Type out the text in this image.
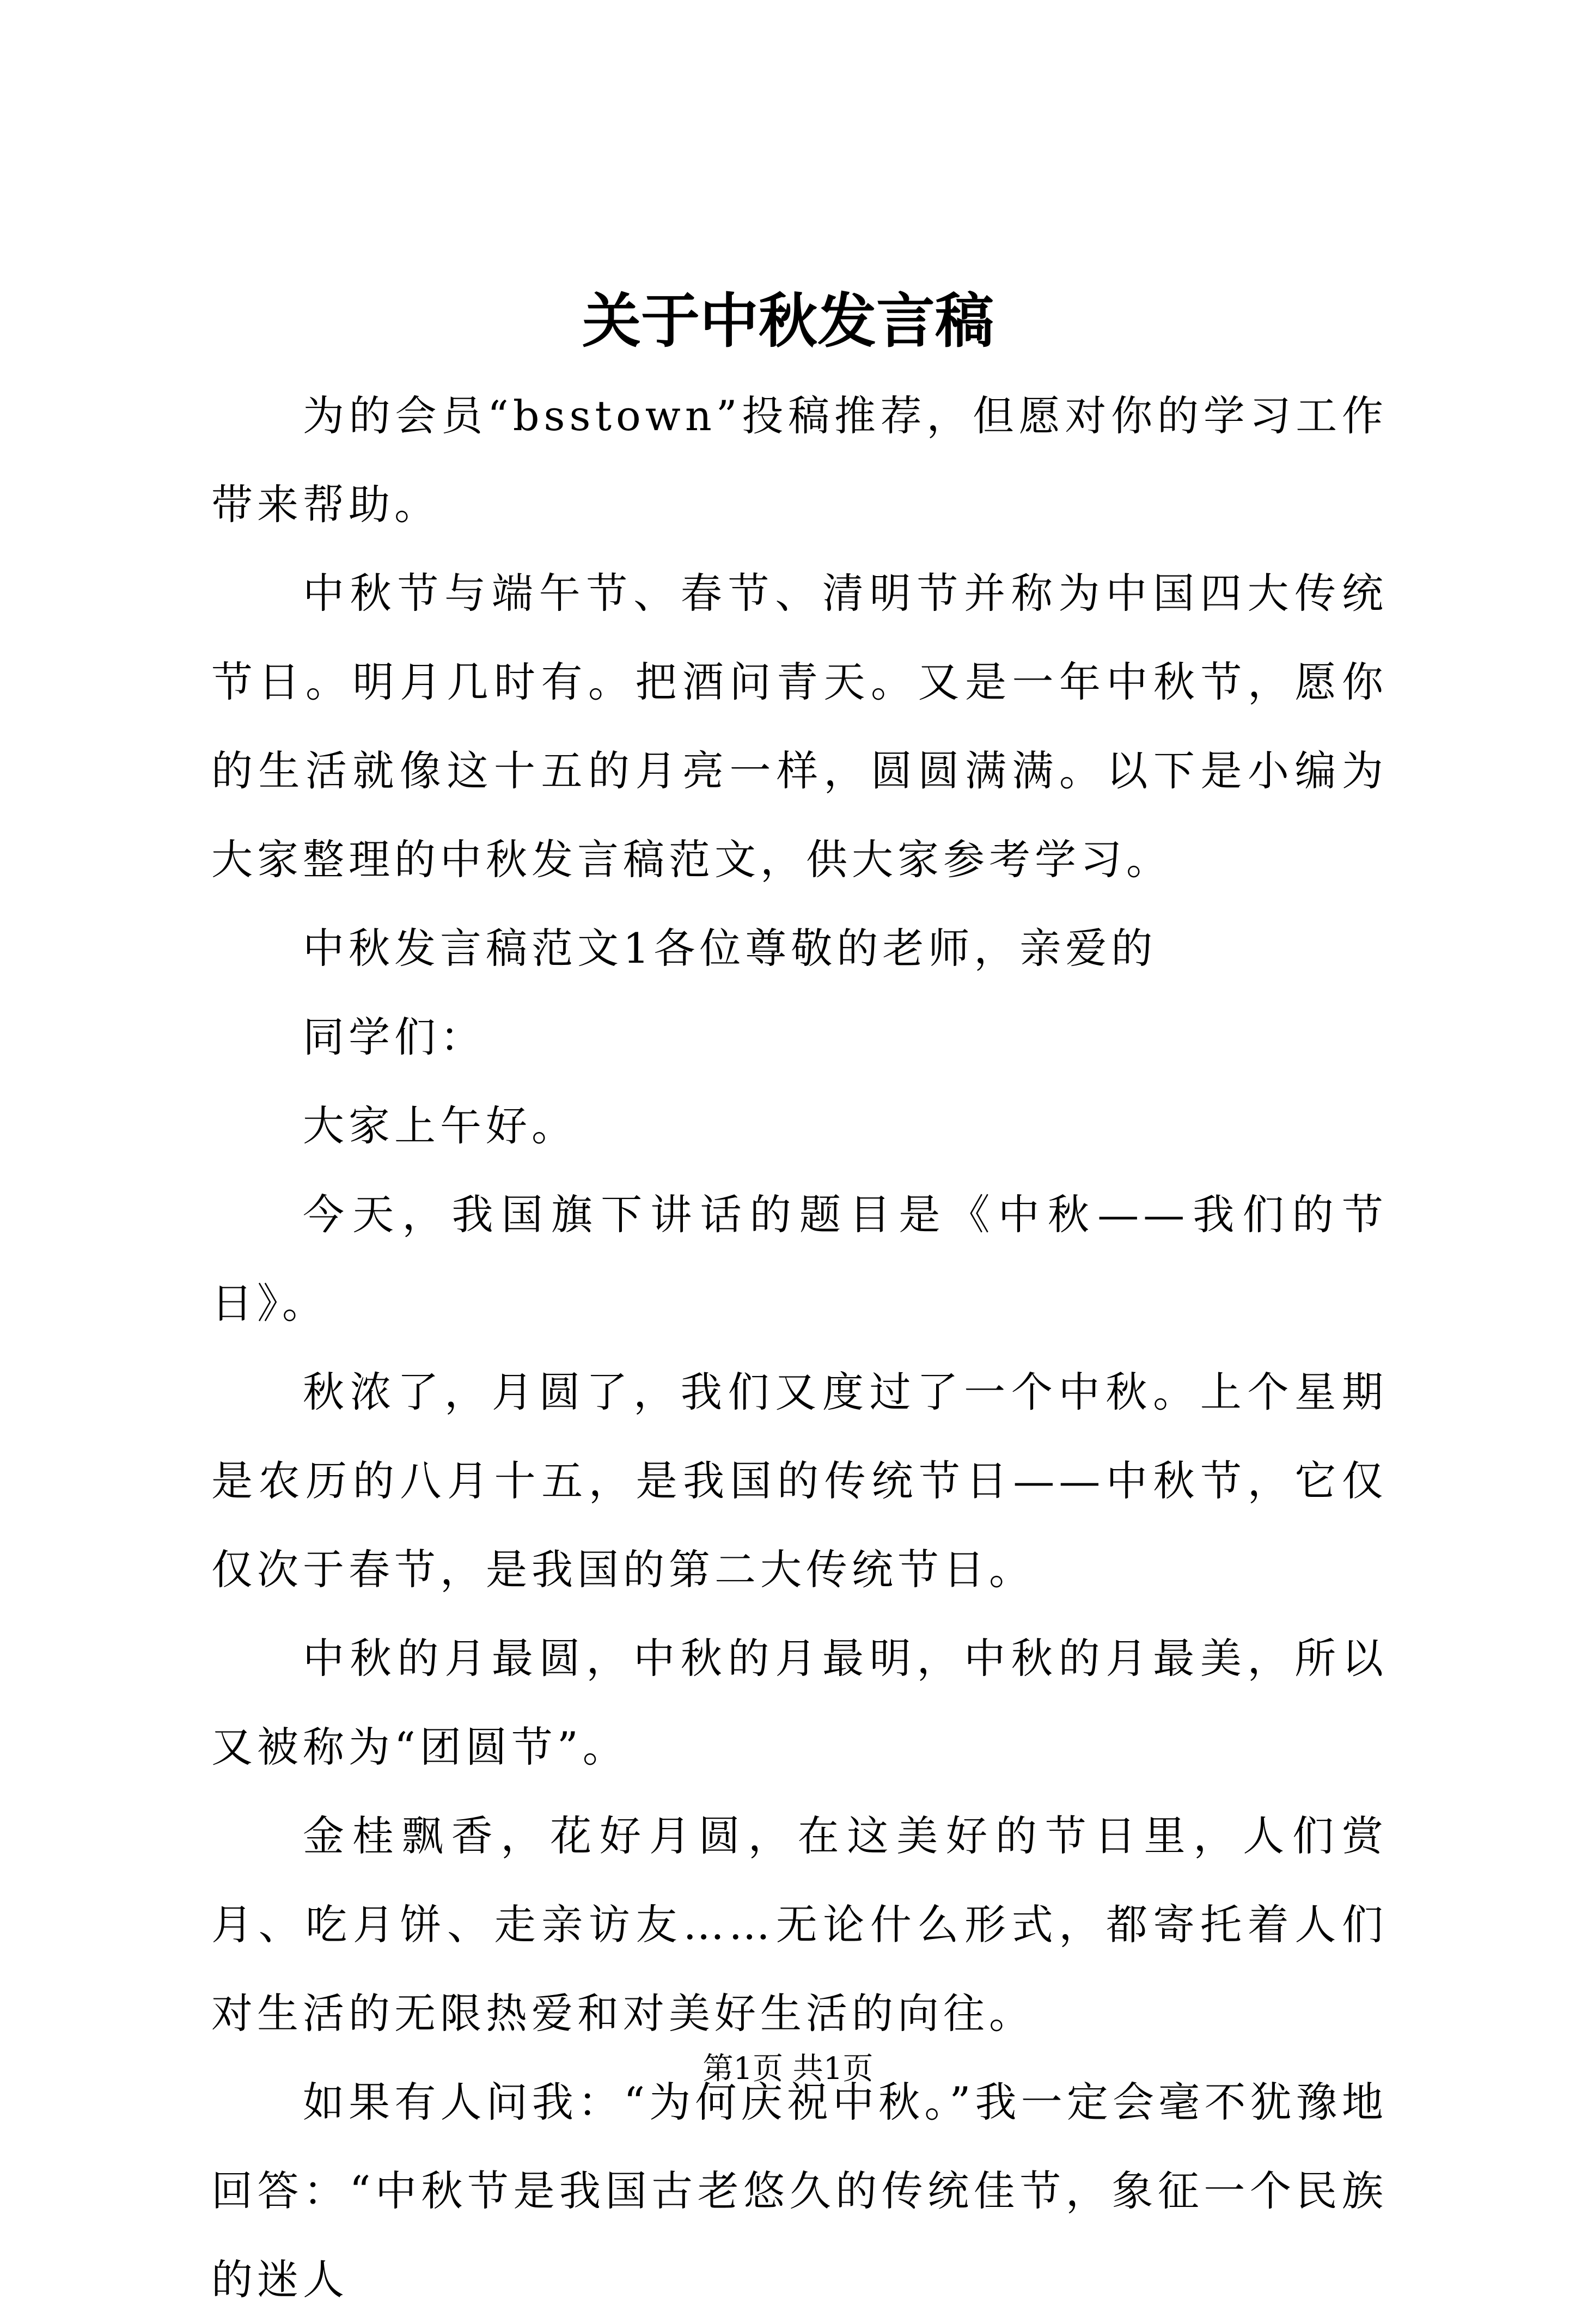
关于中秋发言稿

为的会员“bsstown”投稿推荐，但愿对你的学习工作带来帮助。

中秋节与端午节、春节、清明节并称为中国四大传统节日。明月几时有。把酒问青天。又是一年中秋节，愿你的生活就像这十五的月亮一样，圆圆满满。以下是小编为大家整理的中秋发言稿范文，供大家参考学习。

中秋发言稿范文1各位尊敬的老师，亲爱的

同学们：

大家上午好。

今天，我国旗下讲话的题目是《中秋——我们的节日》。

秋浓了，月圆了，我们又度过了一个中秋。上个星期是农历的八月十五，是我国的传统节日——中秋节，它仅仅次于春节，是我国的第二大传统节日。

中秋的月最圆，中秋的月最明，中秋的月最美，所以又被称为“团圆节”。

金桂飘香，花好月圆，在这美好的节日里，人们赏月、吃月饼、走亲访友……无论什么形式，都寄托着人们对生活的无限热爱和对美好生活的向往。

如果有人问我：“为何庆祝中秋。”我一定会毫不犹豫地回答：“中秋节是我国古老悠久的传统佳节，象征一个民族的迷人

第1页 共1页
